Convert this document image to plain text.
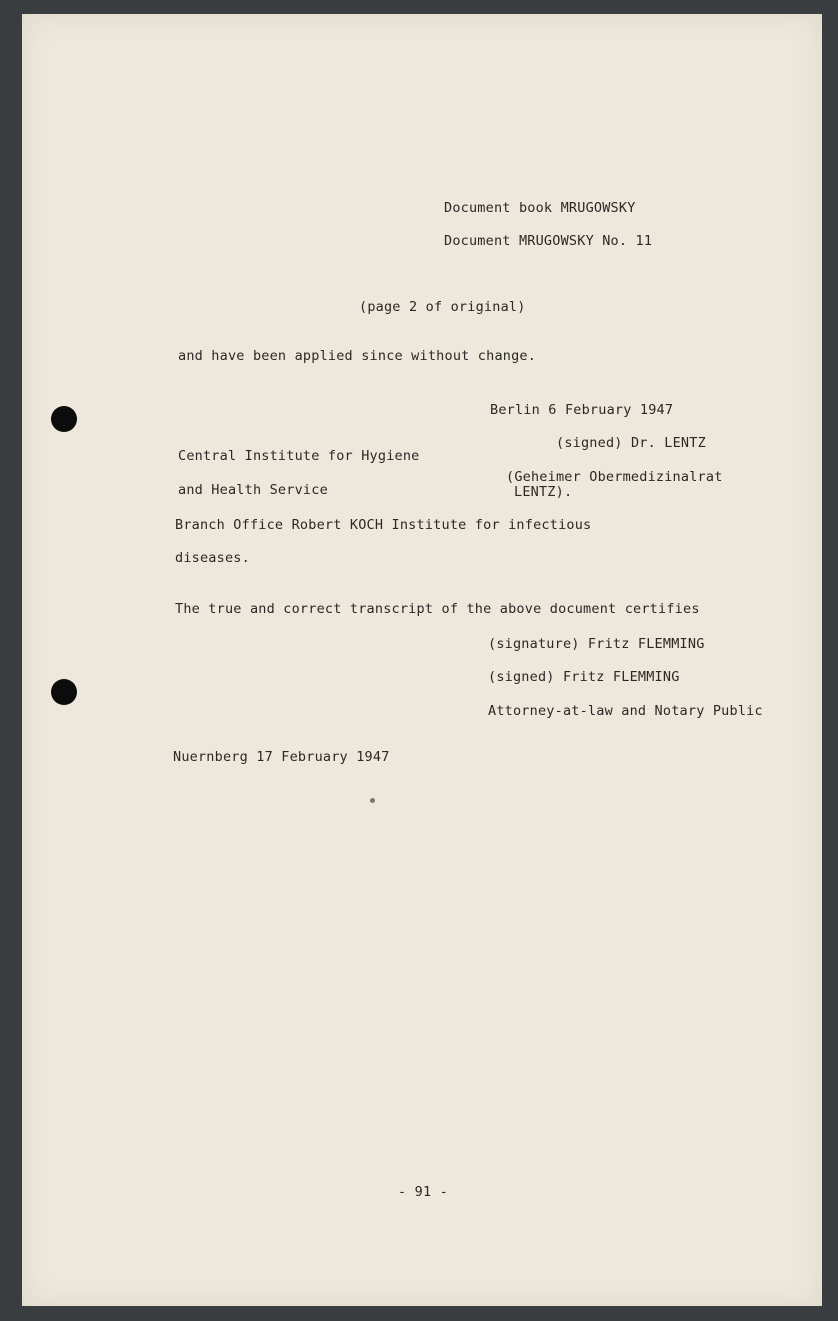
Document book MRUGOWSKY
Document MRUGOWSKY No. 11
(page 2 of original)
and have been applied since without change.
Berlin 6 February 1947
(signed) Dr. LENTZ
(Geheimer Obermedizinalrat
LENTZ).
Central Institute for Hygiene
and Health Service
Branch Office Robert KOCH Institute for infectious
diseases.
The true and correct transcript of the above document certifies
(signature) Fritz FLEMMING
(signed) Fritz FLEMMING
Attorney-at-law and Notary Public
Nuernberg 17 February 1947
- 91 -
